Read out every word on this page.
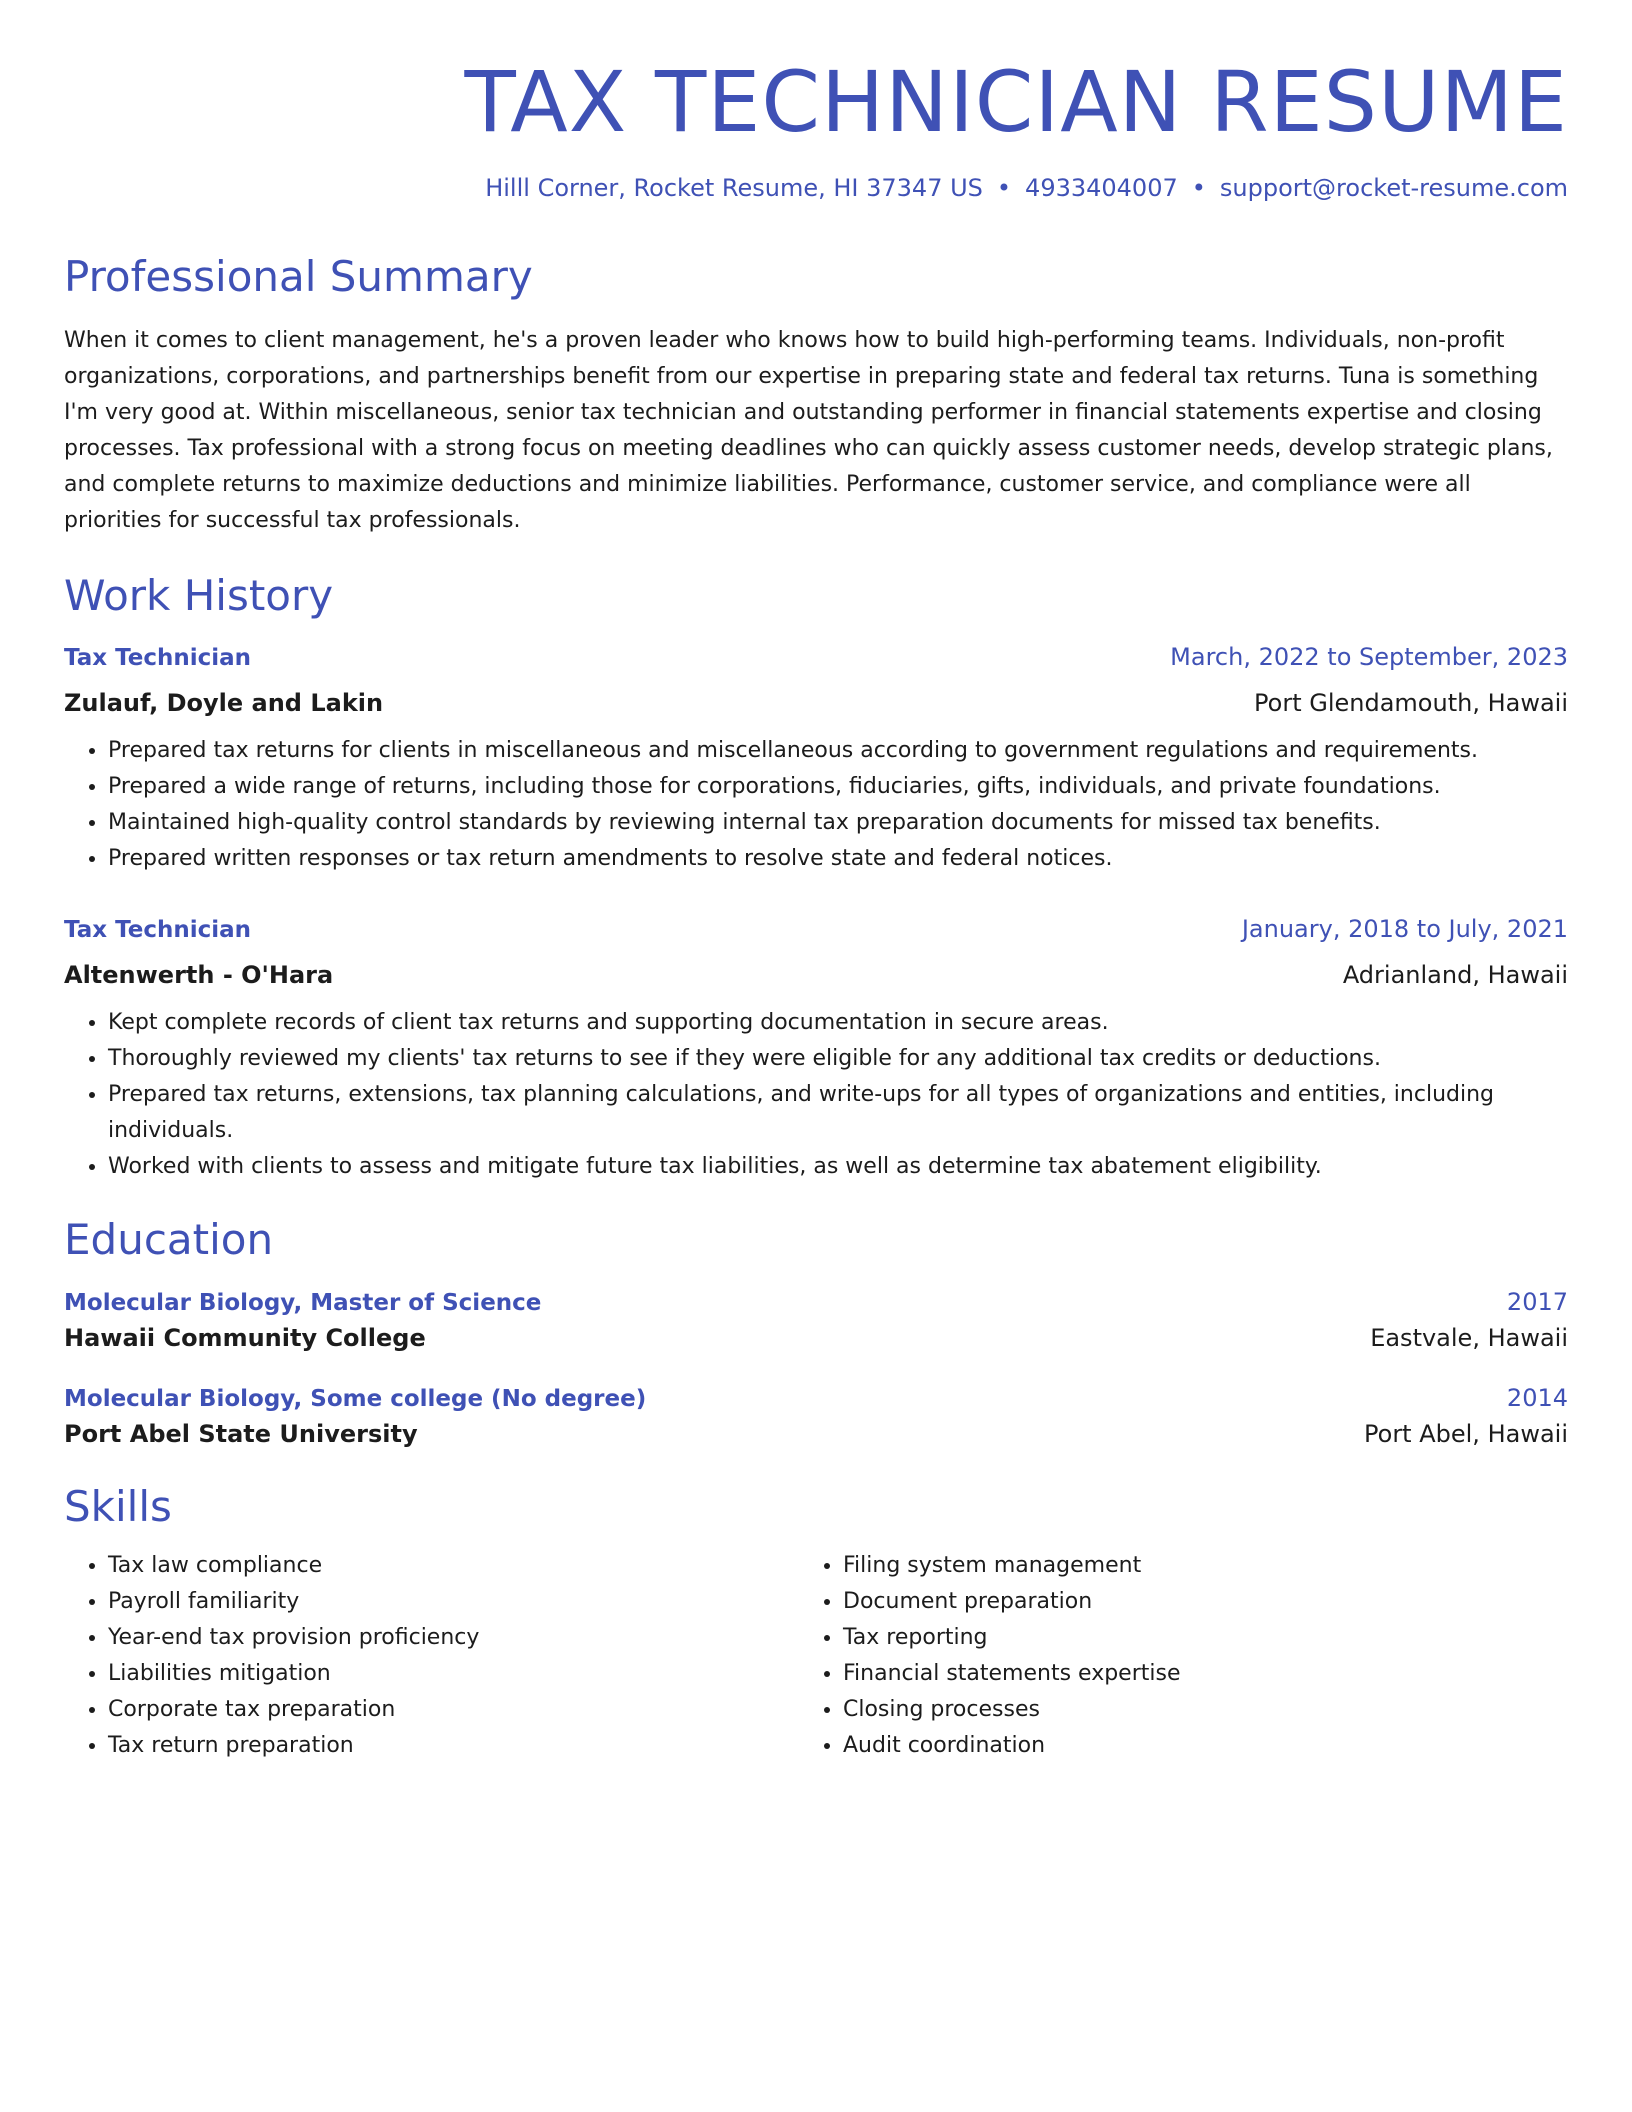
TAX TECHNICIAN RESUME
Hilll Corner, Rocket Resume, HI 37347 US • 4933404007 • support@rocket-resume.com
Professional Summary
When it comes to client management, he's a proven leader who knows how to build high-performing teams. Individuals, non-profit organizations, corporations, and partnerships benefit from our expertise in preparing state and federal tax returns. Tuna is something I'm very good at. Within miscellaneous, senior tax technician and outstanding performer in financial statements expertise and closing processes. Tax professional with a strong focus on meeting deadlines who can quickly assess customer needs, develop strategic plans, and complete returns to maximize deductions and minimize liabilities. Performance, customer service, and compliance were all priorities for successful tax professionals.
Work History
Tax Technician	March, 2022 to September, 2023
Zulauf, Doyle and Lakin	Port Glendamouth, Hawaii
• Prepared tax returns for clients in miscellaneous and miscellaneous according to government regulations and requirements.
• Prepared a wide range of returns, including those for corporations, fiduciaries, gifts, individuals, and private foundations.
• Maintained high-quality control standards by reviewing internal tax preparation documents for missed tax benefits.
• Prepared written responses or tax return amendments to resolve state and federal notices.
Tax Technician	January, 2018 to July, 2021
Altenwerth - O'Hara	Adrianland, Hawaii
• Kept complete records of client tax returns and supporting documentation in secure areas.
• Thoroughly reviewed my clients' tax returns to see if they were eligible for any additional tax credits or deductions.
• Prepared tax returns, extensions, tax planning calculations, and write-ups for all types of organizations and entities, including individuals.
• Worked with clients to assess and mitigate future tax liabilities, as well as determine tax abatement eligibility.
Education
Molecular Biology, Master of Science	2017
Hawaii Community College	Eastvale, Hawaii
Molecular Biology, Some college (No degree)	2014
Port Abel State University	Port Abel, Hawaii
Skills
• Tax law compliance
• Payroll familiarity
• Year-end tax provision proficiency
• Liabilities mitigation
• Corporate tax preparation
• Tax return preparation
• Filing system management
• Document preparation
• Tax reporting
• Financial statements expertise
• Closing processes
• Audit coordination
